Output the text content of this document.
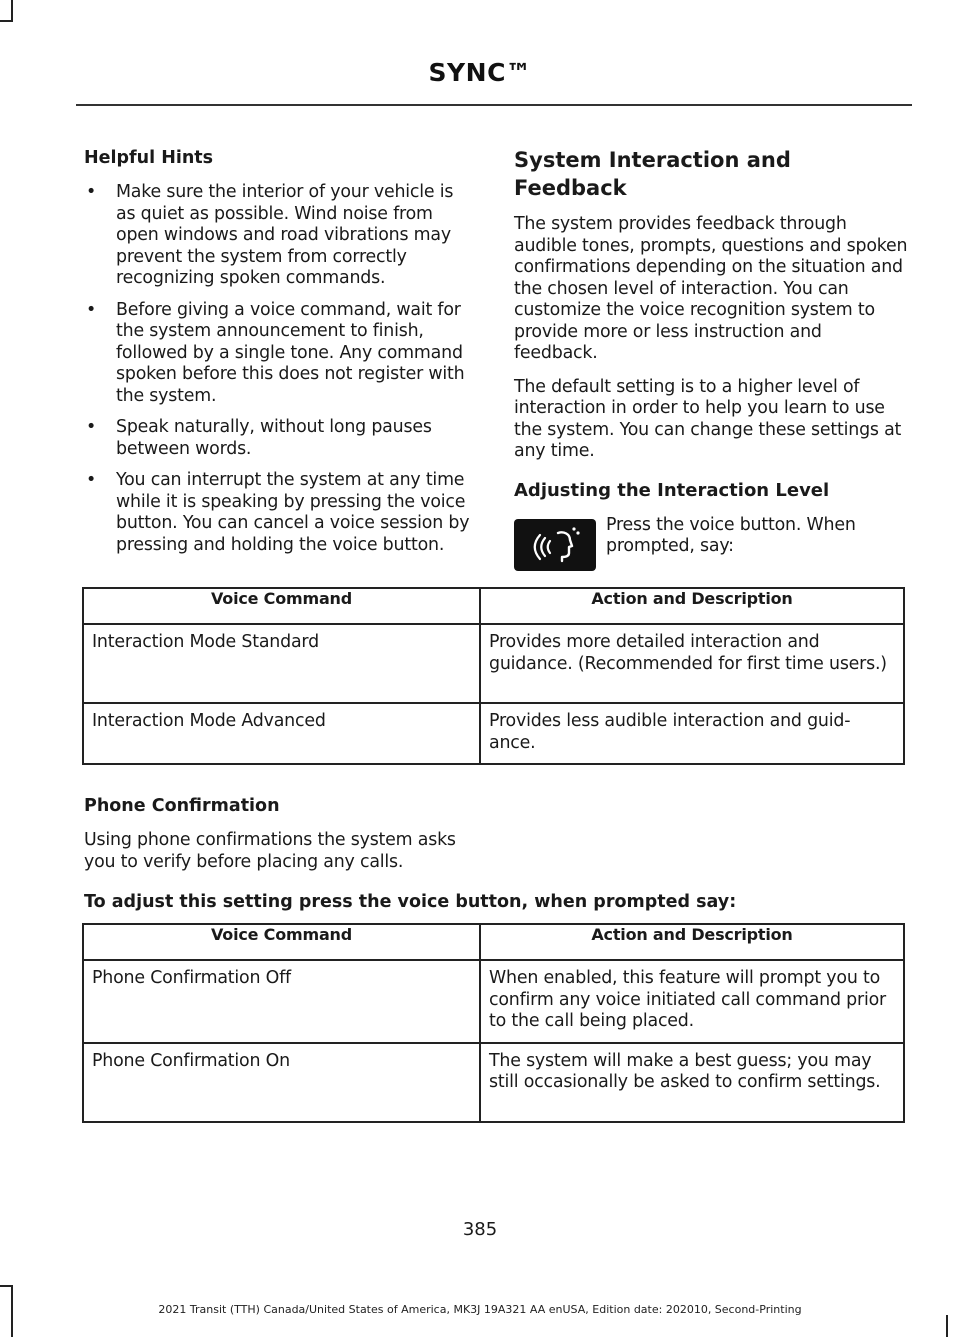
SYNC™
Helpful Hints
• Make sure the interior of your vehicle is as quiet as possible. Wind noise from open windows and road vibrations may prevent the system from correctly recognizing spoken commands.
• Before giving a voice command, wait for the system announcement to finish, followed by a single tone. Any command spoken before this does not register with the system.
• Speak naturally, without long pauses between words.
• You can interrupt the system at any time while it is speaking by pressing the voice button. You can cancel a voice session by pressing and holding the voice button.
System Interaction and Feedback

The system provides feedback through audible tones, prompts, questions and spoken confirmations depending on the situation and the chosen level of interaction. You can customize the voice recognition system to provide more or less instruction and feedback.

The default setting is to a higher level of interaction in order to help you learn to use the system. You can change these settings at any time.

Adjusting the Interaction Level
Press the voice button. When prompted, say:
Voice Command	Action and Description
Interaction Mode Standard	Provides more detailed interaction and guidance. (Recommended for first time users.)
Interaction Mode Advanced	Provides less audible interaction and guid-ance.
Phone Confirmation

Using phone confirmations the system asks you to verify before placing any calls.

To adjust this setting press the voice button, when prompted say:
Voice Command	Action and Description
Phone Confirmation Off	When enabled, this feature will prompt you to confirm any voice initiated call command prior to the call being placed.
Phone Confirmation On	The system will make a best guess; you may still occasionally be asked to confirm settings.
385
2021 Transit (TTH) Canada/United States of America, MK3J 19A321 AA enUSA, Edition date: 202010, Second-Printing
